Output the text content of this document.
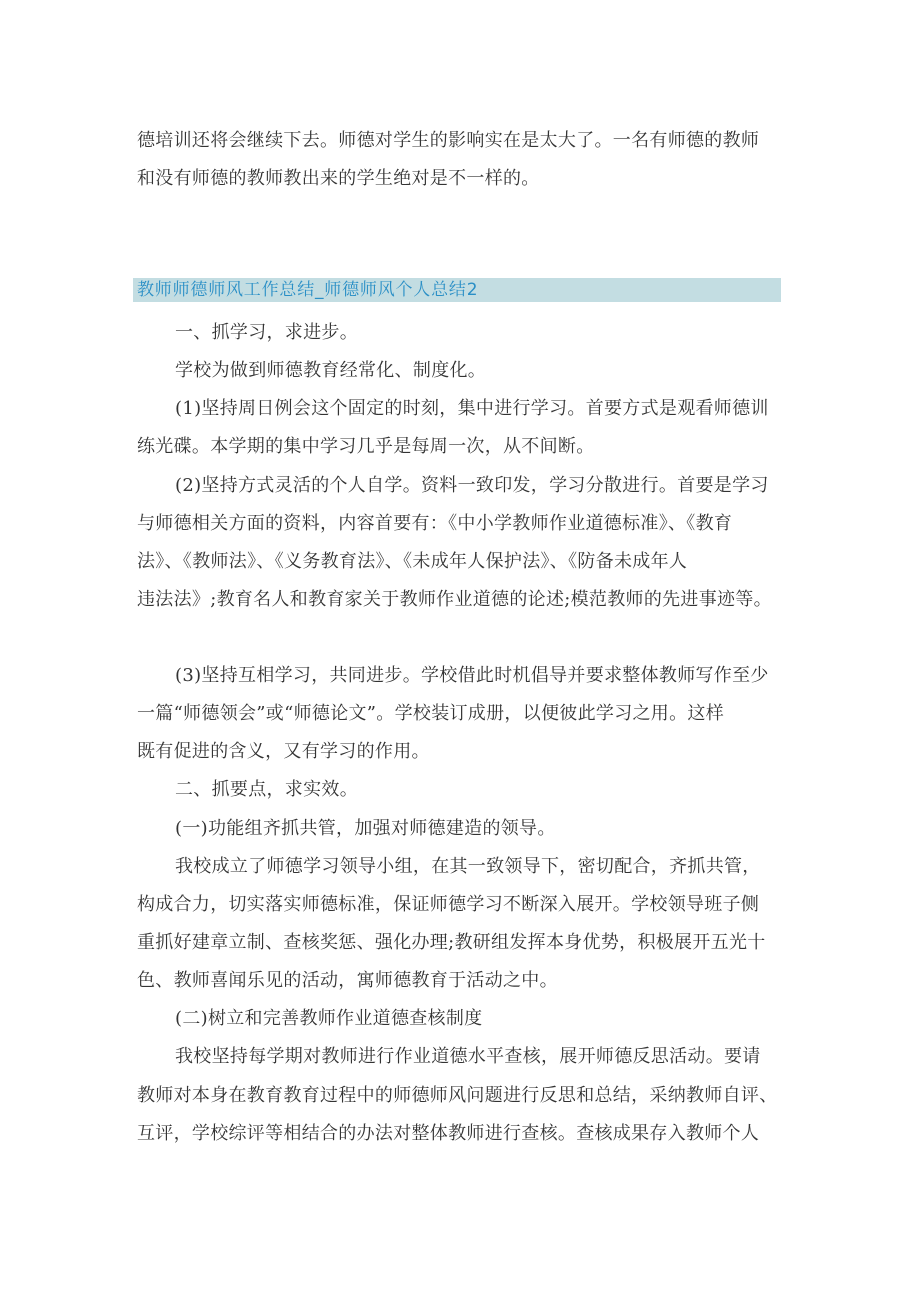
德培训还将会继续下去。师德对学生的影响实在是太大了。一名有师德的教师
和没有师德的教师教出来的学生绝对是不一样的。
教师师德师风工作总结_师德师风个人总结2
一、抓学习，求进步。
学校为做到师德教育经常化、制度化。
(1)坚持周日例会这个固定的时刻，集中进行学习。首要方式是观看师德训
练光碟。本学期的集中学习几乎是每周一次，从不间断。
(2)坚持方式灵活的个人自学。资料一致印发，学习分散进行。首要是学习
与师德相关方面的资料，内容首要有：《中小学教师作业道德标准》、《教育
法》、《教师法》、《义务教育法》、《未成年人保护法》、《防备未成年人
违法法》;教育名人和教育家关于教师作业道德的论述;模范教师的先进事迹等。
(3)坚持互相学习，共同进步。学校借此时机倡导并要求整体教师写作至少
一篇“师德领会”或“师德论文”。学校装订成册，以便彼此学习之用。这样
既有促进的含义，又有学习的作用。
二、抓要点，求实效。
(一)功能组齐抓共管，加强对师德建造的领导。
我校成立了师德学习领导小组，在其一致领导下，密切配合，齐抓共管，
构成合力，切实落实师德标准，保证师德学习不断深入展开。学校领导班子侧
重抓好建章立制、查核奖惩、强化办理;教研组发挥本身优势，积极展开五光十
色、教师喜闻乐见的活动，寓师德教育于活动之中。
(二)树立和完善教师作业道德查核制度
我校坚持每学期对教师进行作业道德水平查核，展开师德反思活动。要请
教师对本身在教育教育过程中的师德师风问题进行反思和总结，采纳教师自评、
互评，学校综评等相结合的办法对整体教师进行查核。查核成果存入教师个人
